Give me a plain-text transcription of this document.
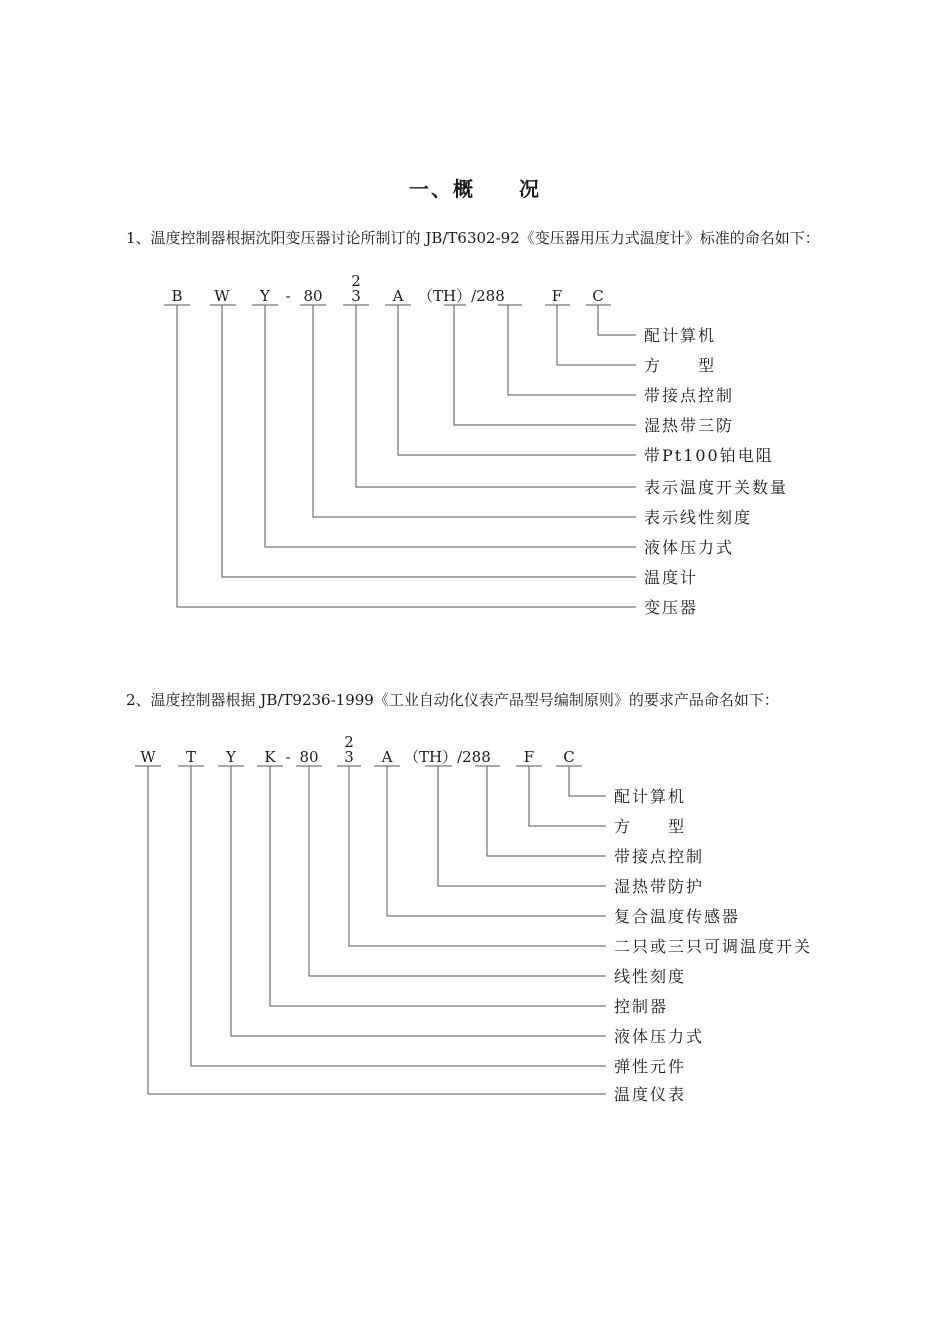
一、概 况

1、温度控制器根据沈阳变压器讨论所制订的 JB/T6302-92《变压器用压力式温度计》标准的命名如下：

B W Y - 80
2
3 A （TH）/288	F C
配计算机
方　　型
带接点控制
湿热带三防
带Pt100铂电阻
表示温度开关数量
表示线性刻度
液体压力式
温度计
变压器

2、温度控制器根据 JB/T9236-1999《工业自动化仪表产品型号编制原则》的要求产品命名如下：

W T Y K - 80
2
3 A （TH）/288 F C
配计算机
方　　型
带接点控制
湿热带防护
复合温度传感器
二只或三只可调温度开关
线性刻度
控制器
液体压力式
弹性元件
温度仪表
